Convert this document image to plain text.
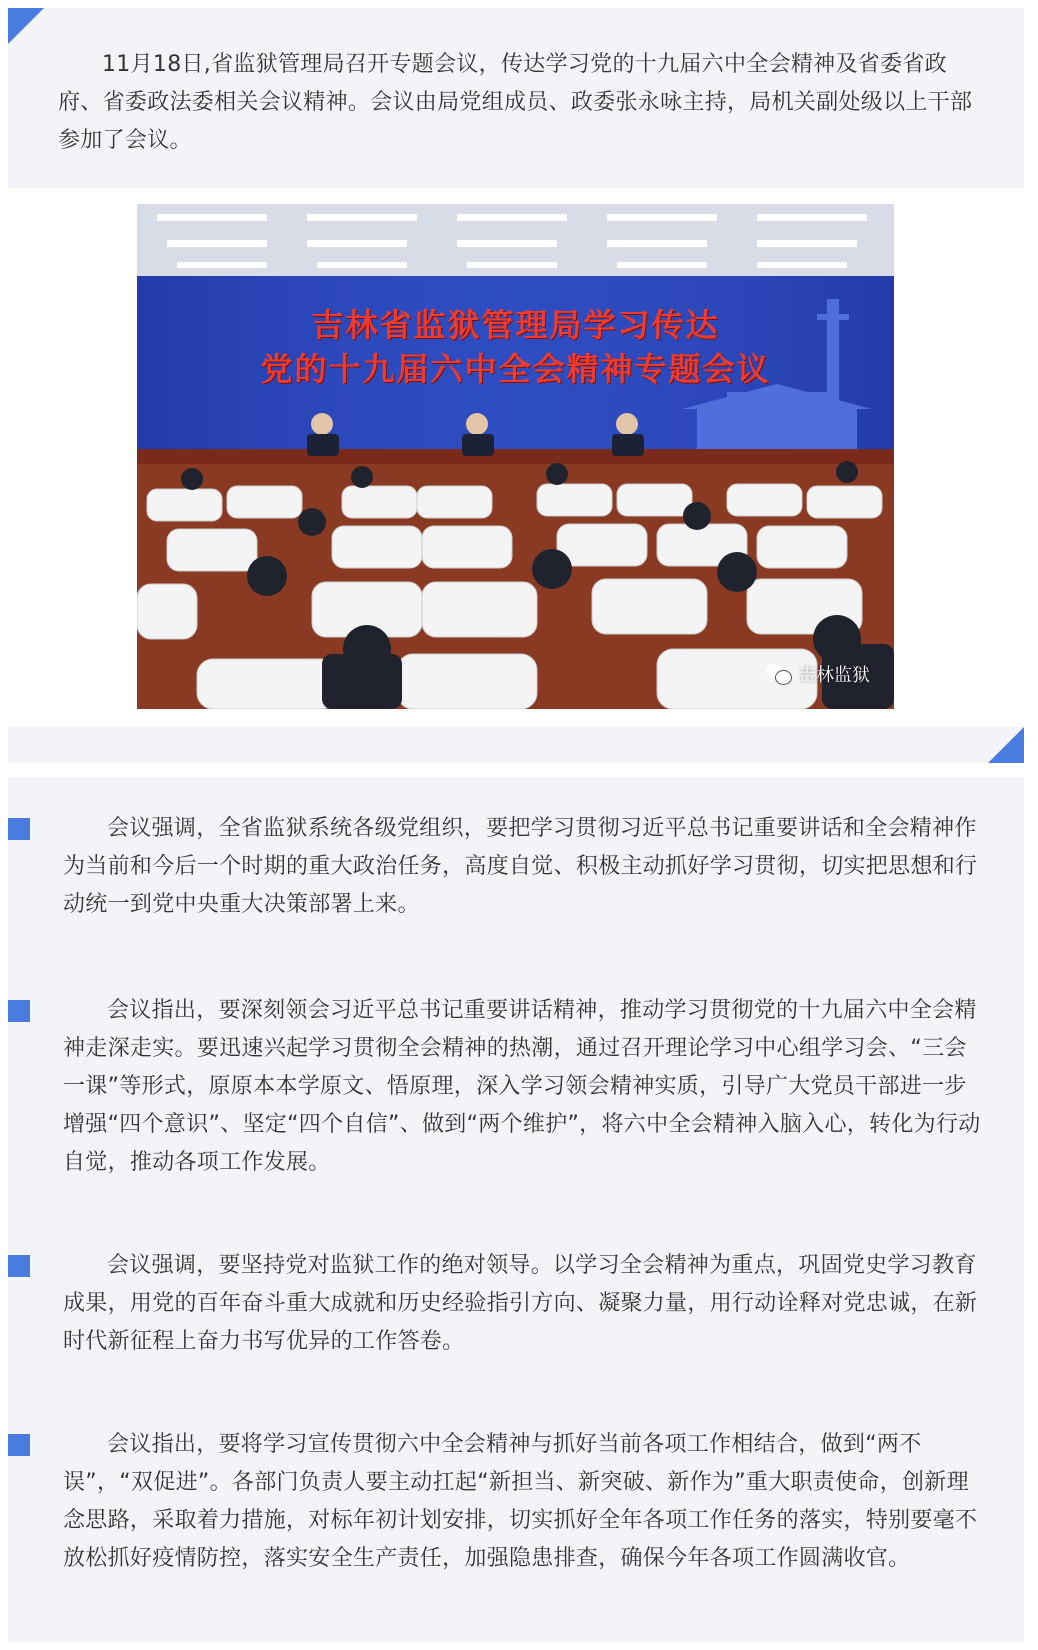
11月18日,省监狱管理局召开专题会议，传达学习党的十九届六中全会精神及省委省政府、省委政法委相关会议精神。会议由局党组成员、政委张永咏主持，局机关副处级以上干部参加了会议。

吉林省监狱管理局学习传达
党的十九届六中全会精神专题会议
吉林监狱

会议强调，全省监狱系统各级党组织，要把学习贯彻习近平总书记重要讲话和全会精神作为当前和今后一个时期的重大政治任务，高度自觉、积极主动抓好学习贯彻，切实把思想和行动统一到党中央重大决策部署上来。

会议指出，要深刻领会习近平总书记重要讲话精神，推动学习贯彻党的十九届六中全会精神走深走实。要迅速兴起学习贯彻全会精神的热潮，通过召开理论学习中心组学习会、“三会一课”等形式，原原本本学原文、悟原理，深入学习领会精神实质，引导广大党员干部进一步增强“四个意识”、坚定“四个自信”、做到“两个维护”，将六中全会精神入脑入心，转化为行动自觉，推动各项工作发展。

会议强调，要坚持党对监狱工作的绝对领导。以学习全会精神为重点，巩固党史学习教育成果，用党的百年奋斗重大成就和历史经验指引方向、凝聚力量，用行动诠释对党忠诚，在新时代新征程上奋力书写优异的工作答卷。

会议指出，要将学习宣传贯彻六中全会精神与抓好当前各项工作相结合，做到“两不误”，“双促进”。各部门负责人要主动扛起“新担当、新突破、新作为”重大职责使命，创新理念思路，采取着力措施，对标年初计划安排，切实抓好全年各项工作任务的落实，特别要毫不放松抓好疫情防控，落实安全生产责任，加强隐患排查，确保今年各项工作圆满收官。
